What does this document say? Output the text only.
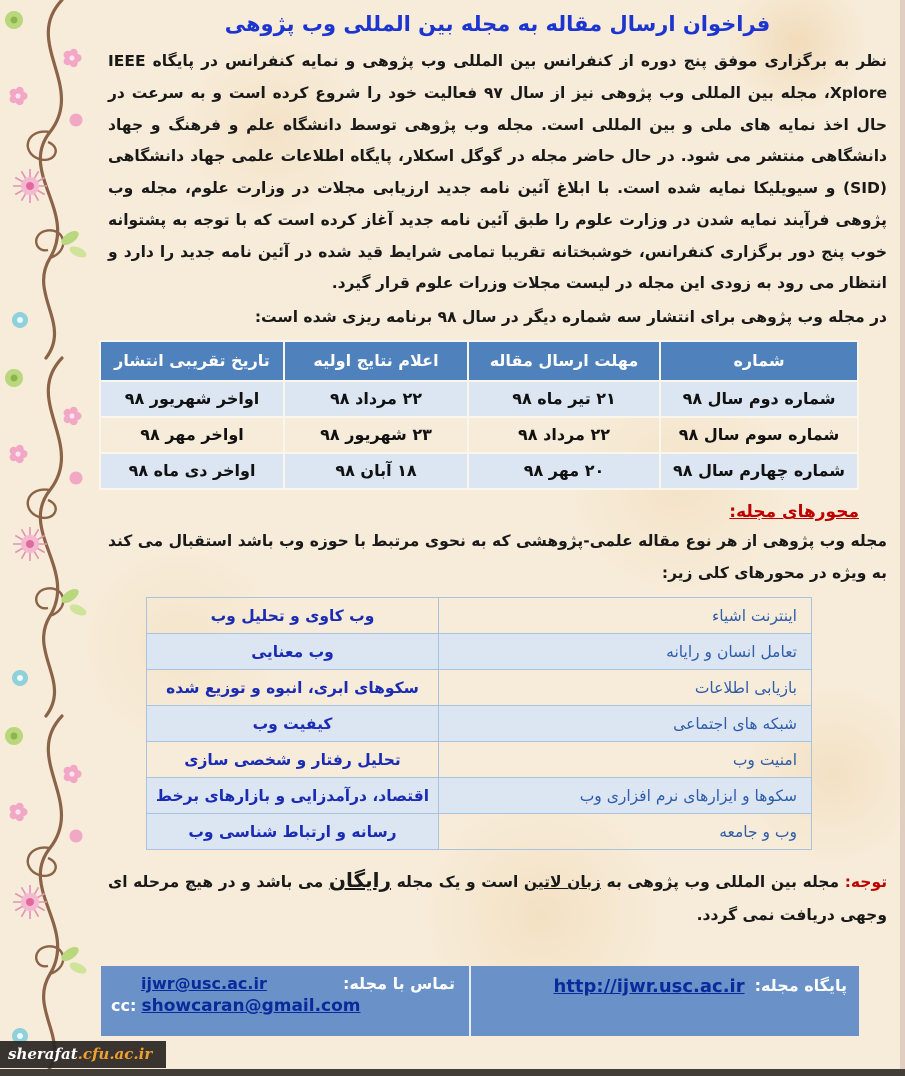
فراخوان ارسال مقاله به مجله بین المللی وب پژوهی

نظر به برگزاری موفق پنج دوره از کنفرانس بین المللی وب پژوهی و نمایه کنفرانس در پایگاه IEEE Xplore، مجله بین المللی وب پژوهی نیز از سال ۹۷ فعالیت خود را شروع کرده است و به سرعت در حال اخذ نمایه های ملی و بین المللی است. مجله وب پژوهی توسط دانشگاه علم و فرهنگ و جهاد دانشگاهی منتشر می شود. در حال حاضر مجله در گوگل اسکلار، پایگاه اطلاعات علمی جهاد دانشگاهی (SID) و سیویلیکا نمایه شده است. با ابلاغ آئین نامه جدید ارزیابی مجلات در وزارت علوم، مجله وب پژوهی فرآیند نمایه شدن در وزارت علوم را طبق آئین نامه جدید آغاز کرده است که با توجه به پشتوانه خوب پنج دور برگزاری کنفرانس، خوشبختانه تقریبا تمامی شرایط قید شده در آئین نامه جدید را دارد و انتظار می رود به زودی این مجله در لیست مجلات وزرات علوم قرار گیرد.

در مجله وب پژوهی برای انتشار سه شماره دیگر در سال ۹۸ برنامه ریزی شده است:

شماره	مهلت ارسال مقاله	اعلام نتایج اولیه	تاریخ تقریبی انتشار
شماره دوم سال ۹۸	۲۱ تیر ماه ۹۸	۲۲ مرداد ۹۸	اواخر شهریور ۹۸
شماره سوم سال ۹۸	۲۲ مرداد ۹۸	۲۳ شهریور ۹۸	اواخر مهر ۹۸
شماره چهارم سال ۹۸	۲۰ مهر ۹۸	۱۸ آبان ۹۸	اواخر دی ماه ۹۸
محورهای مجله:

مجله وب پژوهی از هر نوع مقاله علمی-پژوهشی که به نحوی مرتبط با حوزه وب باشد استقبال می کند به ویژه در محورهای کلی زیر:

اینترنت اشیاء	وب کاوی و تحلیل وب
تعامل انسان و رایانه	وب معنایی
بازیابی اطلاعات	سکوهای ابری، انبوه و توزیع شده
شبکه های اجتماعی	کیفیت وب
امنیت وب	تحلیل رفتار و شخصی سازی
سکوها و ایزارهای نرم افزاری وب	اقتصاد، درآمدزایی و بازارهای برخط
وب و جامعه	رسانه و ارتباط شناسی وب

توجه: مجله بین المللی وب پژوهی به زبان لاتین است و یک مجله رایگان می باشد و در هیچ مرحله ای وجهی دریافت نمی گردد.

پایگاه مجله:
http://ijwr.usc.ac.ir
تماس با مجله:
ijwr@usc.ac.ir
cc: showcaran@gmail.com
sherafat.cfu.ac.ir
